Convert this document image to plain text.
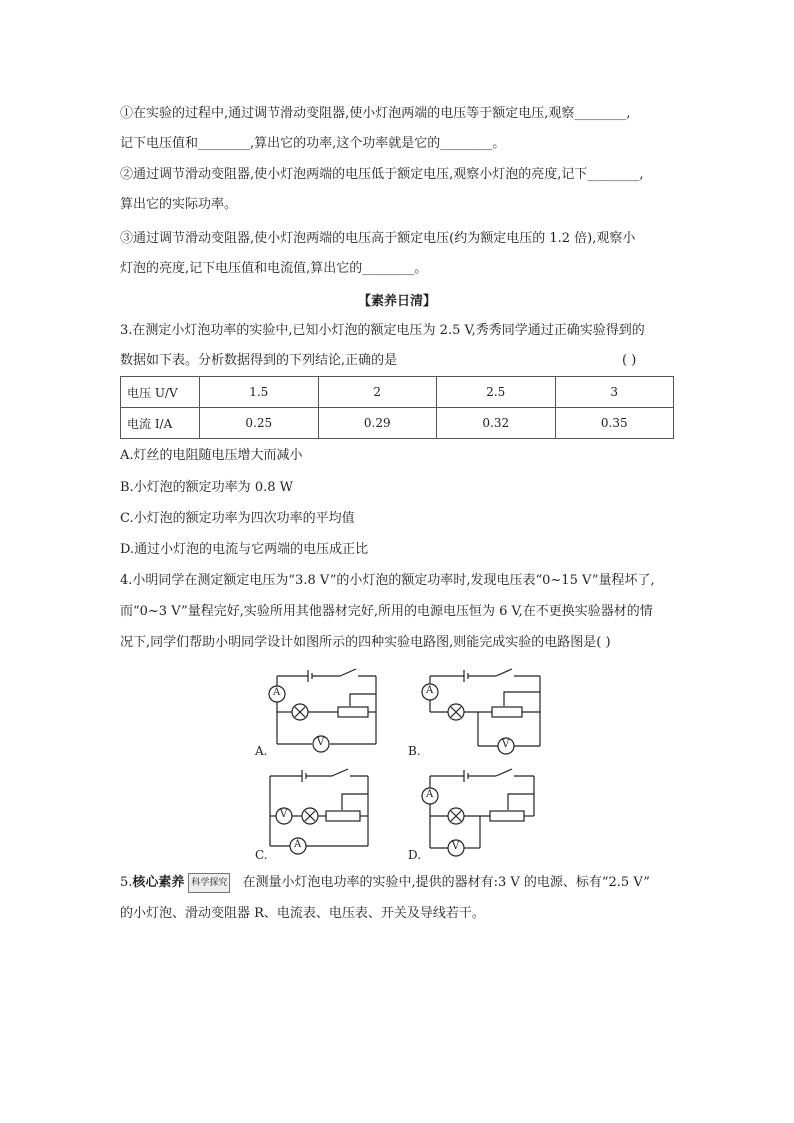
①在实验的过程中,通过调节滑动变阻器,使小灯泡两端的电压等于额定电压,观察________,
记下电压值和________,算出它的功率,这个功率就是它的________。
②通过调节滑动变阻器,使小灯泡两端的电压低于额定电压,观察小灯泡的亮度,记下________,
算出它的实际功率。
③通过调节滑动变阻器,使小灯泡两端的电压高于额定电压(约为额定电压的 1.2 倍),观察小
灯泡的亮度,记下电压值和电流值,算出它的________。
【素养日清】
3.在测定小灯泡功率的实验中,已知小灯泡的额定电压为 2.5 V,秀秀同学通过正确实验得到的
数据如下表。分析数据得到的下列结论,正确的是	( )
电压 U/V	1.5	2	2.5	3
电流 I/A	0.25	0.29	0.32	0.35
A.灯丝的电阻随电压增大而减小
B.小灯泡的额定功率为 0.8 W
C.小灯泡的额定功率为四次功率的平均值
D.通过小灯泡的电流与它两端的电压成正比
4.小明同学在测定额定电压为“3.8 V”的小灯泡的额定功率时,发现电压表“0~15 V”量程坏了,
而“0~3 V”量程完好,实验所用其他器材完好,所用的电源电压恒为 6 V,在不更换实验器材的情
况下,同学们帮助小明同学设计如图所示的四种实验电路图,则能完成实验的电路图是( )
A
V
A.
A
V
B.
V
A
C.
A
V
D.
5.核心素养 科学探究 在测量小灯泡电功率的实验中,提供的器材有:3 V 的电源、标有“2.5 V”
的小灯泡、滑动变阻器 R、电流表、电压表、开关及导线若干。
